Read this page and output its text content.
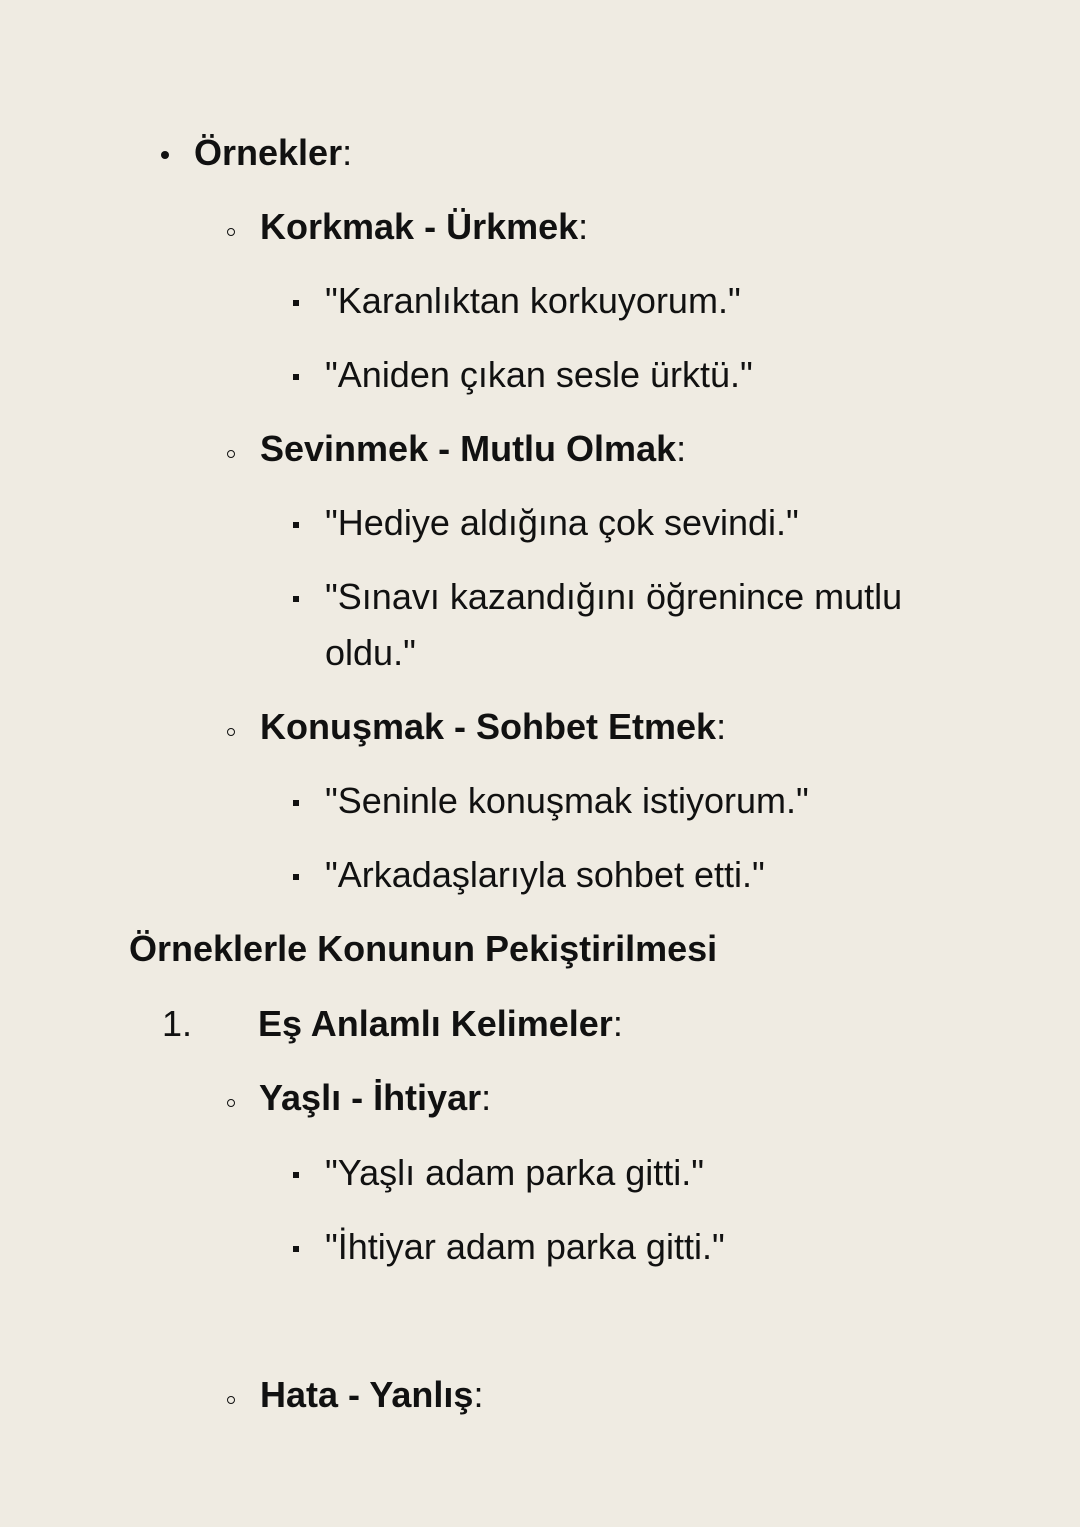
Örnekler:
Korkmak - Ürkmek:
"Karanlıktan korkuyorum."
"Aniden çıkan sesle ürktü."
Sevinmek - Mutlu Olmak:
"Hediye aldığına çok sevindi."
"Sınavı kazandığını öğrenince mutlu
oldu."
Konuşmak - Sohbet Etmek:
"Seninle konuşmak istiyorum."
"Arkadaşlarıyla sohbet etti."
Örneklerle Konunun Pekiştirilmesi
1. Eş Anlamlı Kelimeler:
Yaşlı - İhtiyar:
"Yaşlı adam parka gitti."
"İhtiyar adam parka gitti."
Hata - Yanlış:
